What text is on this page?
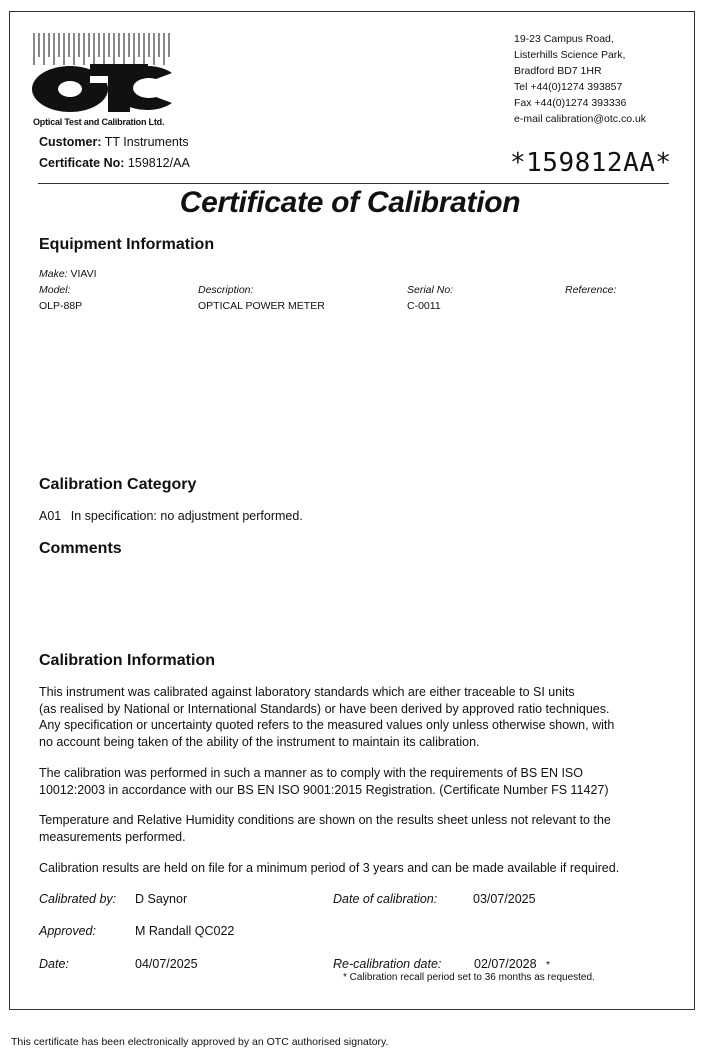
Optical Test and Calibration Ltd.
19-23 Campus Road,
Listerhills Science Park,
Bradford BD7 1HR
Tel +44(0)1274 393857
Fax +44(0)1274 393336
e-mail calibration@otc.co.uk
Customer: TT Instruments
Certificate No: 159812/AA	*159812AA*
Certificate of Calibration
Equipment Information
Make: VIAVI
Model:	Description:	Serial No:	Reference:
OLP-88P	OPTICAL POWER METER	C-0011
Calibration Category
A01 In specification: no adjustment performed.
Comments
Calibration Information
This instrument was calibrated against laboratory standards which are either traceable to SI units
(as realised by National or International Standards) or have been derived by approved ratio techniques.
Any specification or uncertainty quoted refers to the measured values only unless otherwise shown, with
no account being taken of the ability of the instrument to maintain its calibration.
The calibration was performed in such a manner as to comply with the requirements of BS EN ISO
10012:2003 in accordance with our BS EN ISO 9001:2015 Registration. (Certificate Number FS 11427)
Temperature and Relative Humidity conditions are shown on the results sheet unless not relevant to the
measurements performed.
Calibration results are held on file for a minimum period of 3 years and can be made available if required.
Calibrated by: D Saynor	Date of calibration:	03/07/2025
Approved:	M Randall QC022
Date:	04/07/2025	Re-calibration date:	02/07/2028 *
* Calibration recall period set to 36 months as requested.
This certificate has been electronically approved by an OTC authorised signatory.
